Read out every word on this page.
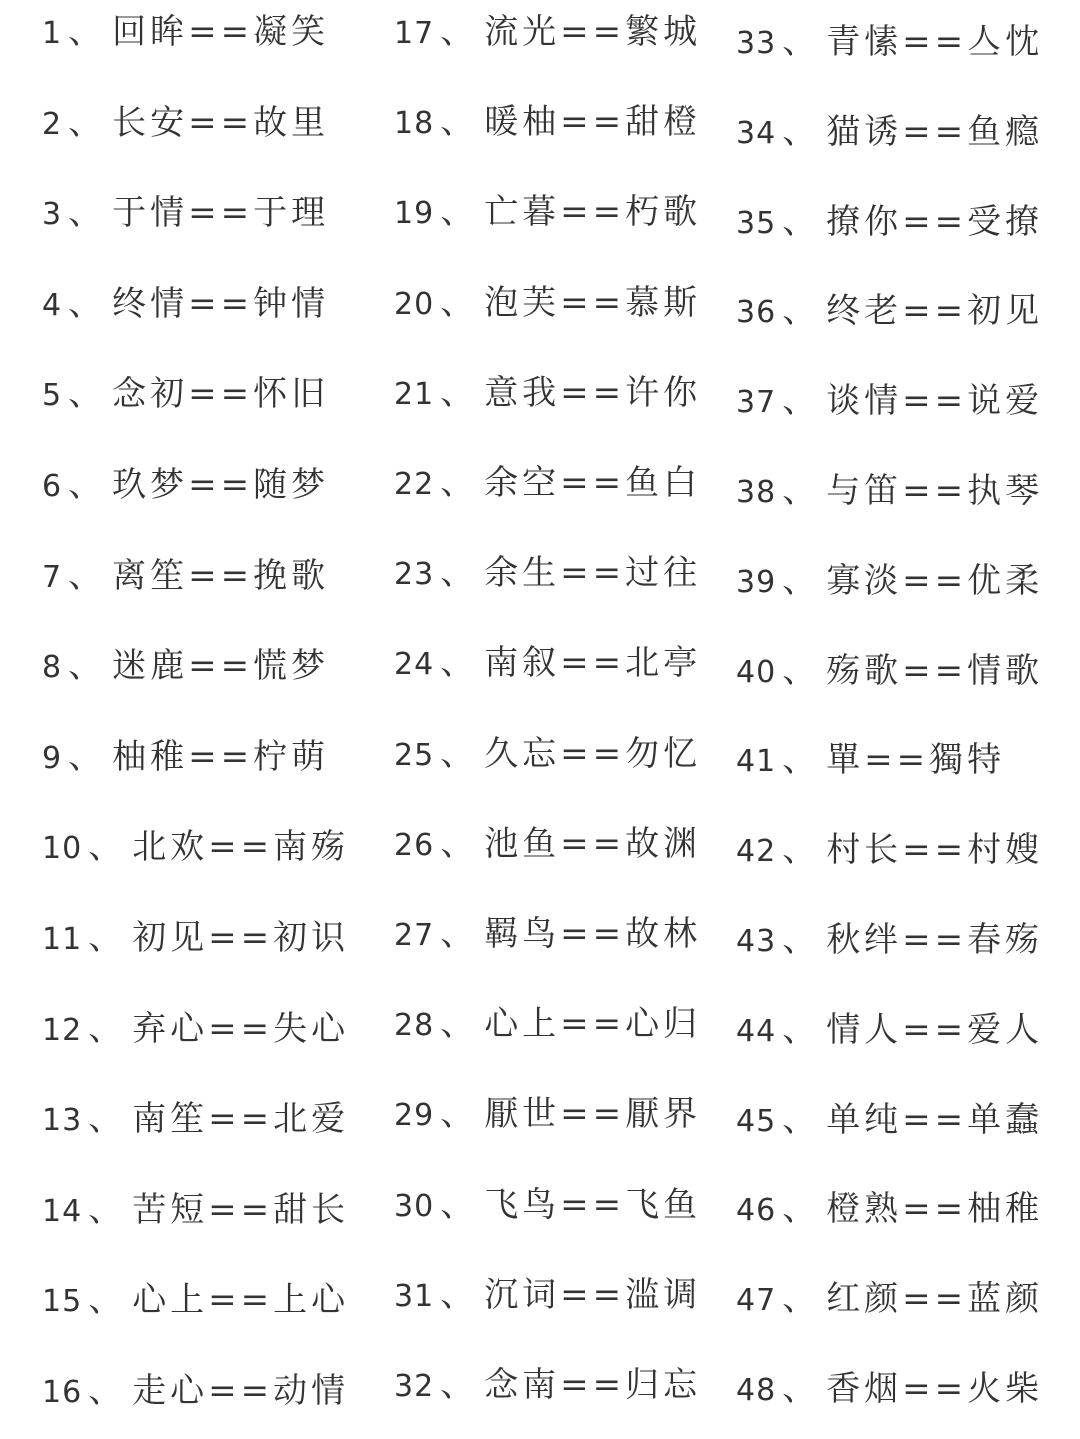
1 、 回眸==凝笑
2 、 长安==故里
3 、 于情==于理
4 、 终情==钟情
5 、 念初==怀旧
6 、 玖梦==随梦
7 、 离笙==挽歌
8 、 迷鹿==慌梦
9 、 柚稚==柠萌
10 、 北欢==南殇
11 、 初见==初识
12 、 弃心==失心
13 、 南笙==北爱
14 、 苦短==甜长
15 、 心上==上心
16 、 走心==动情
17 、 流光==繁城
18 、 暖柚==甜橙
19 、 亡暮==朽歌
20 、 泡芙==慕斯
21 、 意我==许你
22 、 余空==鱼白
23 、 余生==过往
24 、 南叙==北亭
25 、 久忘==勿忆
26 、 池鱼==故渊
27 、 羁鸟==故林
28 、 心上==心归
29 、 厭世==厭界
30 、 飞鸟==飞鱼
31 、 沉词==滥调
32 、 念南==归忘
33 、 青愫==亼忱
34 、 猫诱==鱼瘾
35 、 撩你==受撩
36 、 终老==初见
37 、 谈情==说爱
38 、 与笛==执琴
39 、 寡淡==优柔
40 、 殇歌==情歌
41 、 單==獨特
42 、 村长==村嫂
43 、 秋绊==春殇
44 、 情人==爱人
45 、 单纯==单蠢
46 、 橙熟==柚稚
47 、 红颜==蓝颜
48 、 香烟==火柴
